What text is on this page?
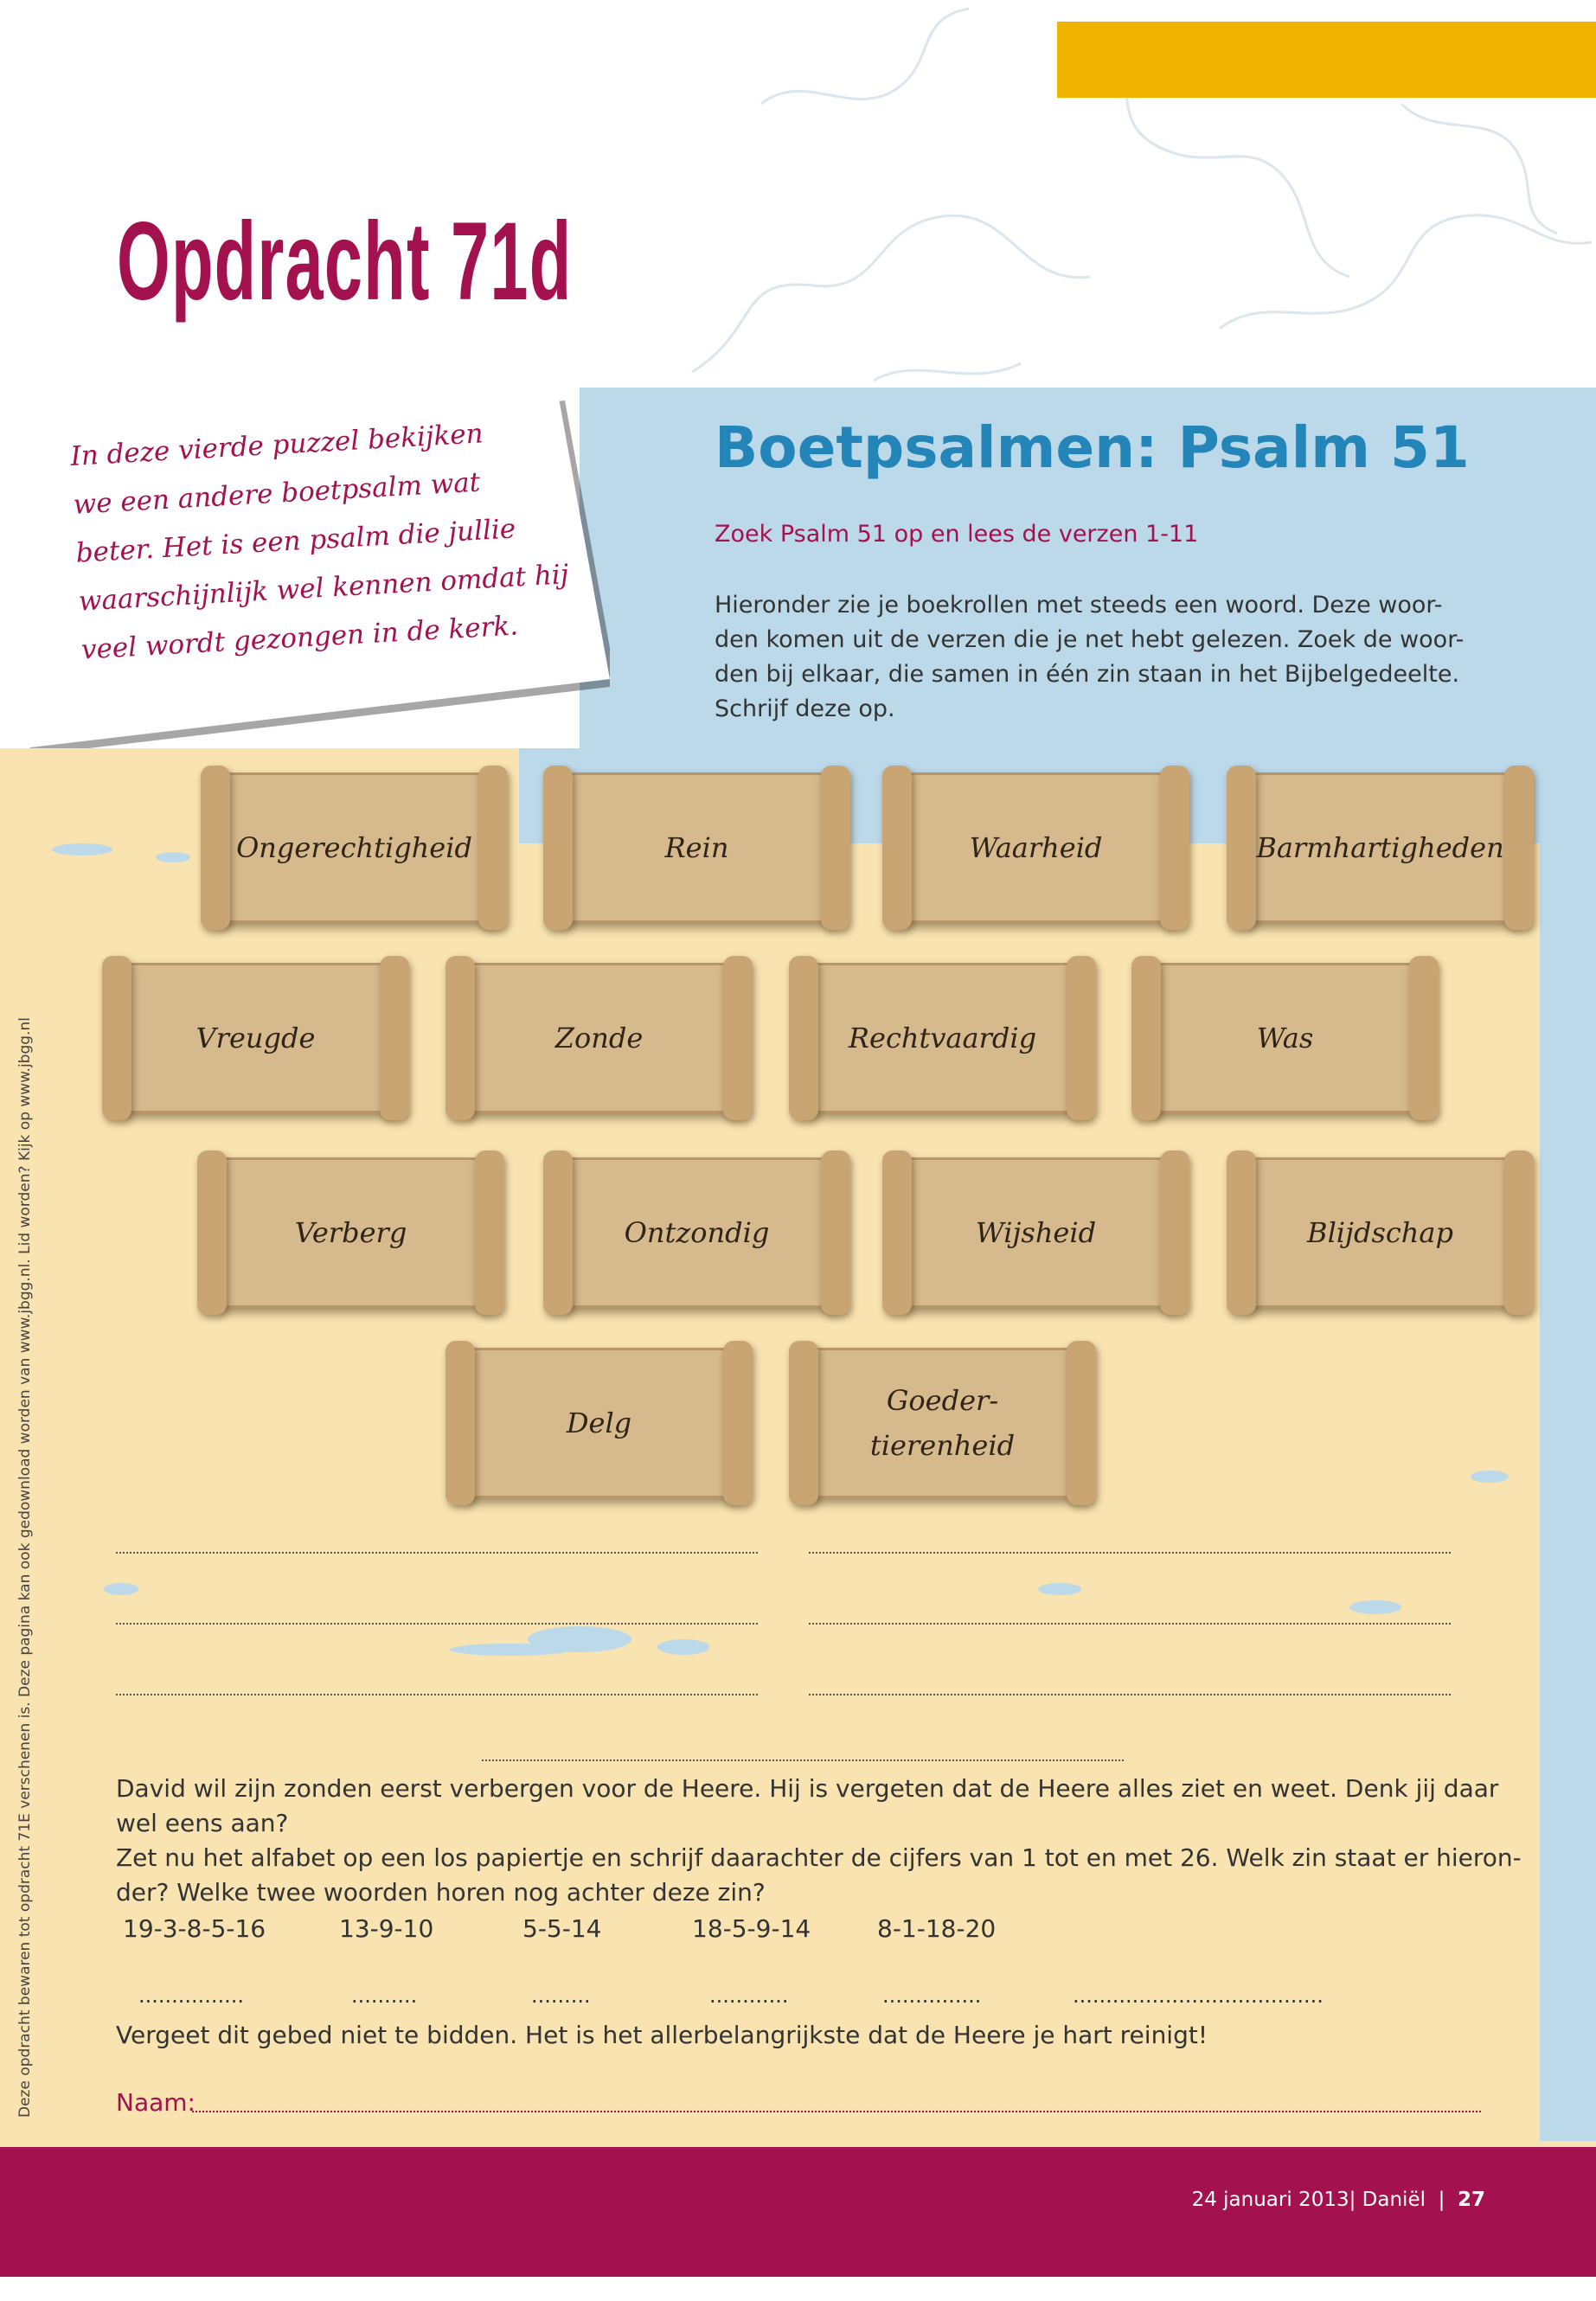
Opdracht 71d
In deze vierde puzzel bekijken
we een andere boetpsalm wat
beter. Het is een psalm die jullie
waarschijnlijk wel kennen omdat hij
veel wordt gezongen in de kerk.
Boetpsalmen: Psalm 51
Zoek Psalm 51 op en lees de verzen 1-11
Hieronder zie je boekrollen met steeds een woord. Deze woor-
den komen uit de verzen die je net hebt gelezen. Zoek de woor-
den bij elkaar, die samen in één zin staan in het Bijbelgedeelte.
Schrijf deze op.
Ongerechtigheid	Rein	Waarheid	Barmhartigheden
Vreugde	Zonde	Rechtvaardig	Was
Verberg	Ontzondig	Wijsheid	Blijdschap
Delg
Goeder-
tierenheid
David wil zijn zonden eerst verbergen voor de Heere. Hij is vergeten dat de Heere alles ziet en weet. Denk jij daar
wel eens aan?
Zet nu het alfabet op een los papiertje en schrijf daarachter de cijfers van 1 tot en met 26. Welk zin staat er hieron-
der? Welke twee woorden horen nog achter deze zin?
19-3-8-5-16	13-9-10	5-5-14	18-5-9-14	8-1-18-20
................	..........	.........	............	...............	......................................
Vergeet dit gebed niet te bidden. Het is het allerbelangrijkste dat de Heere je hart reinigt!
Naam:
Deze opdracht bewaren tot opdracht 71E verschenen is. Deze pagina kan ook gedownload worden van www.jbgg.nl. Lid worden? Kijk op www.jbgg.nl
24 januari 2013| Daniël  |  27
